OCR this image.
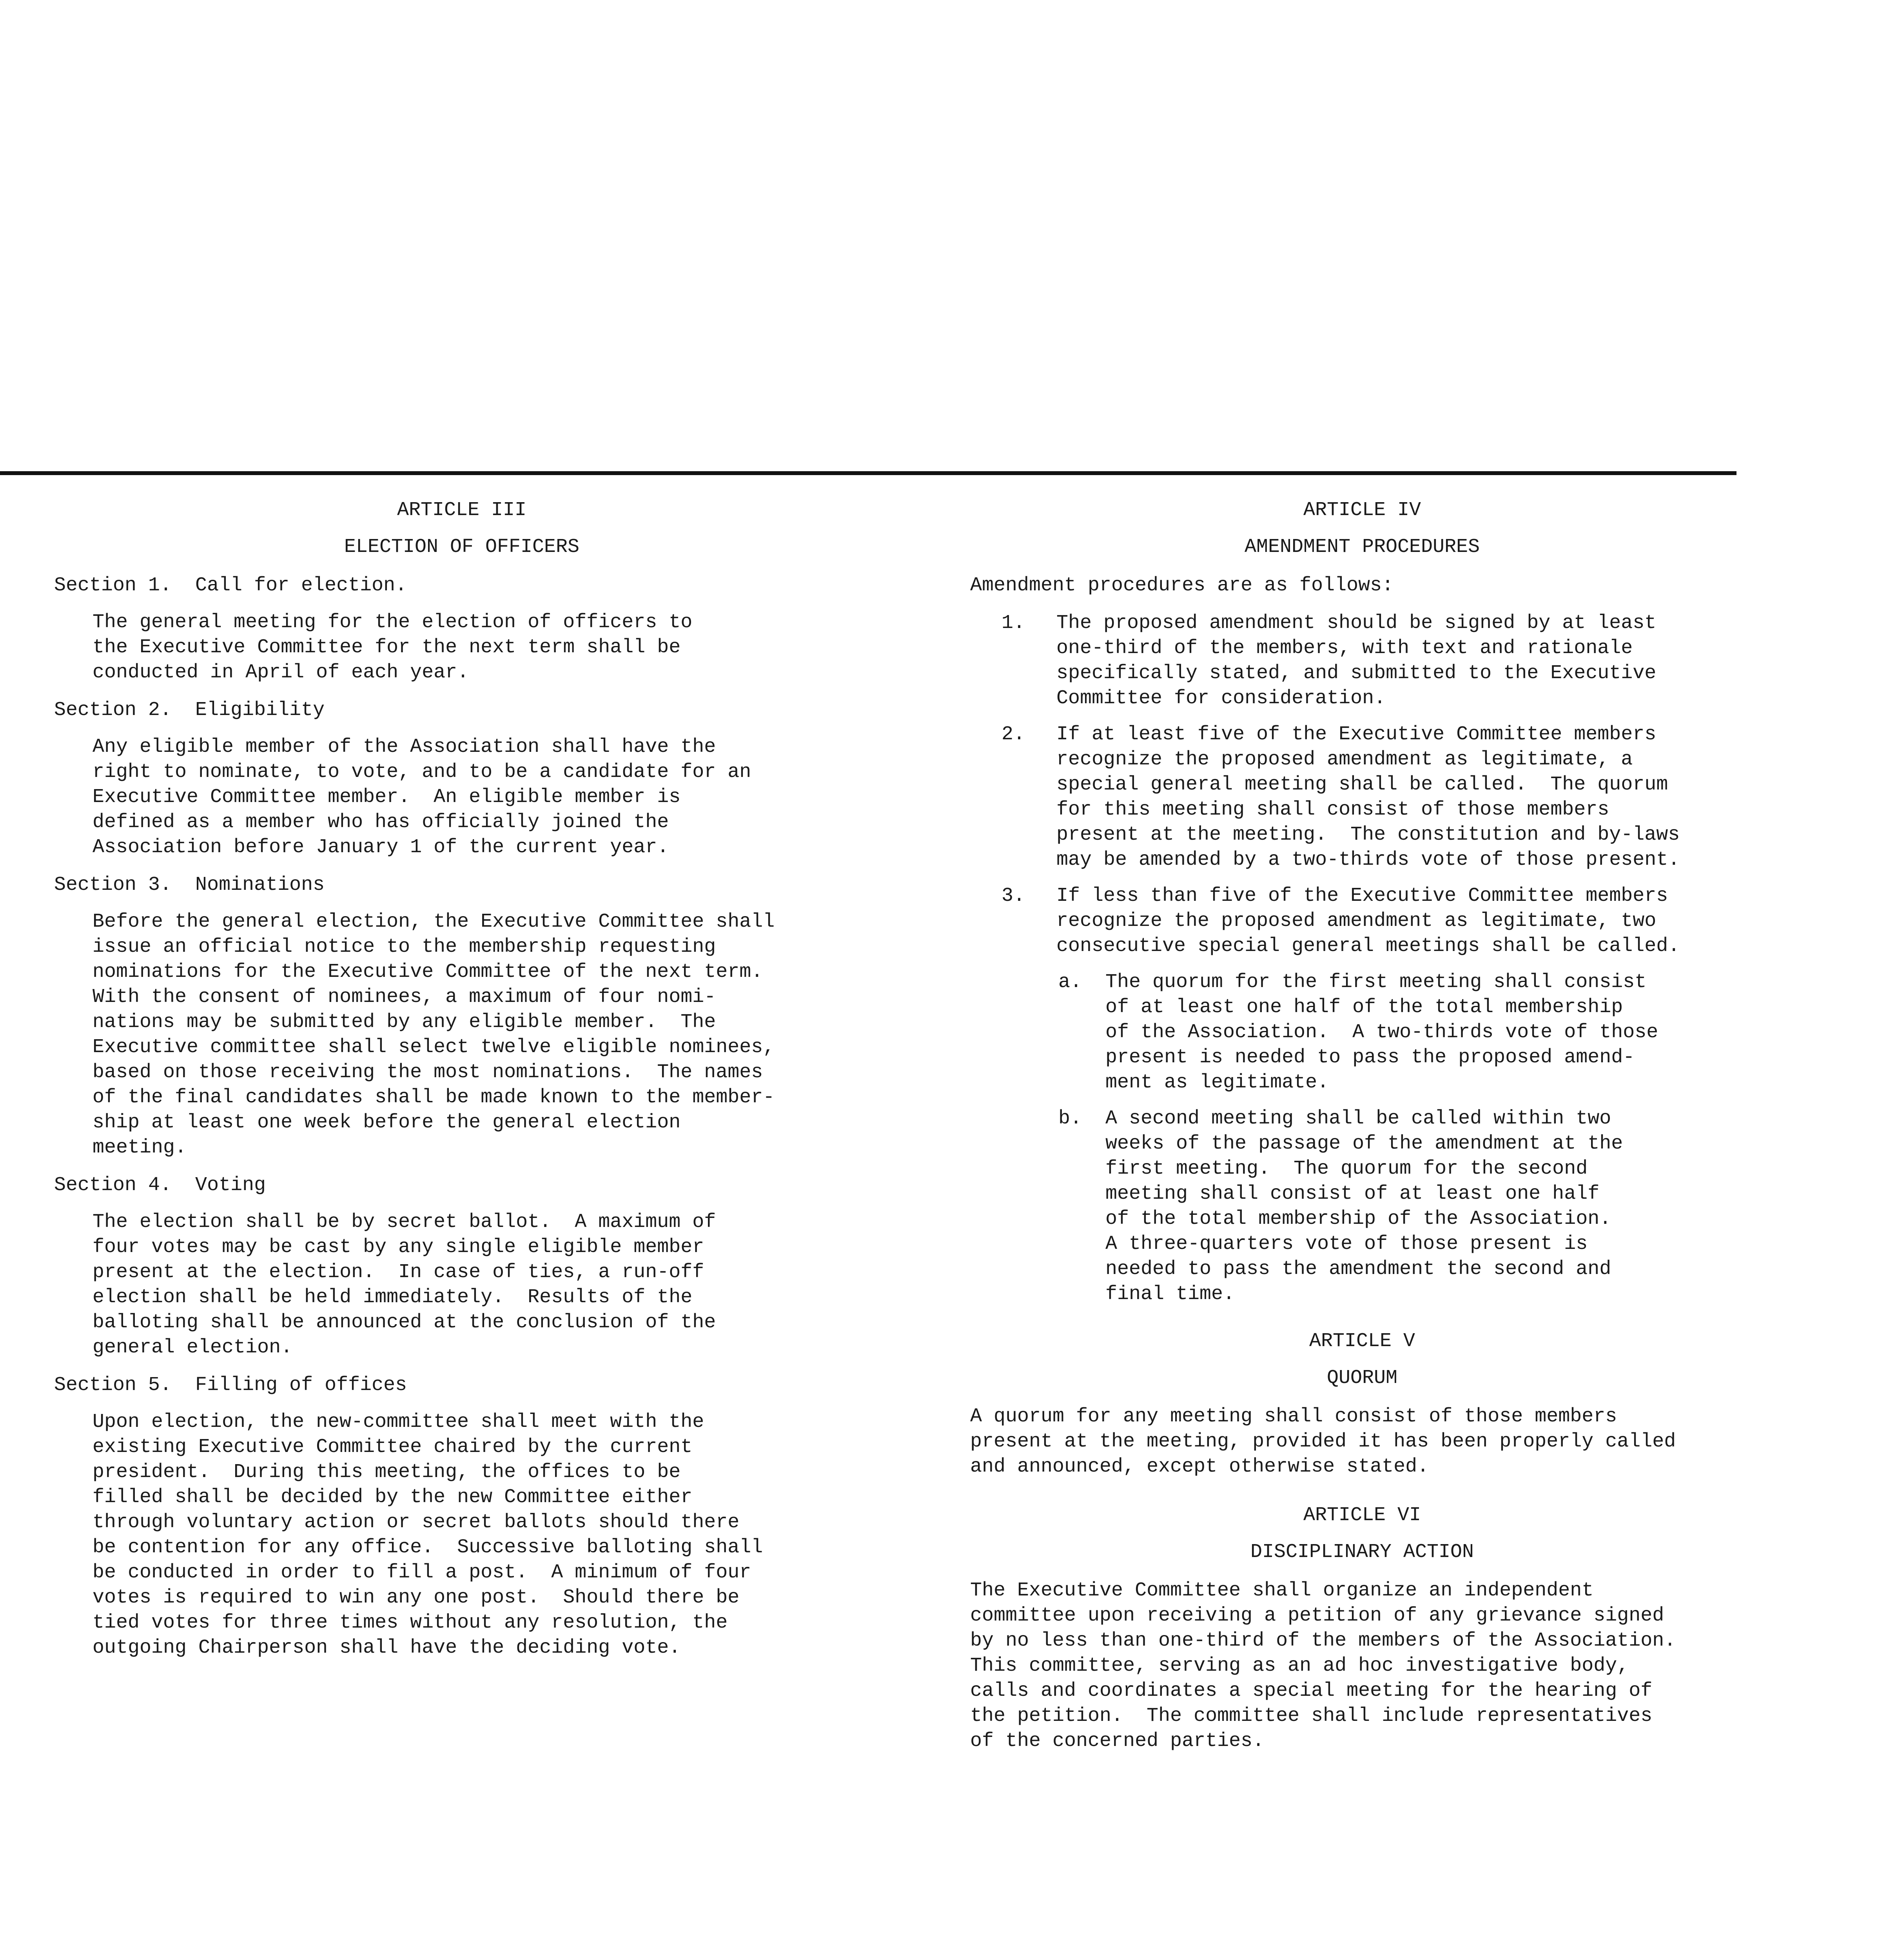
ARTICLE III
ELECTION OF OFFICERS
Section 1.  Call for election.
The general meeting for the election of officers to
the Executive Committee for the next term shall be
conducted in April of each year.
Section 2.  Eligibility
Any eligible member of the Association shall have the
right to nominate, to vote, and to be a candidate for an
Executive Committee member.  An eligible member is
defined as a member who has officially joined the
Association before January 1 of the current year.
Section 3.  Nominations
Before the general election, the Executive Committee shall
issue an official notice to the membership requesting
nominations for the Executive Committee of the next term.
With the consent of nominees, a maximum of four nomi-
nations may be submitted by any eligible member.  The
Executive committee shall select twelve eligible nominees,
based on those receiving the most nominations.  The names
of the final candidates shall be made known to the member-
ship at least one week before the general election
meeting.
Section 4.  Voting
The election shall be by secret ballot.  A maximum of
four votes may be cast by any single eligible member
present at the election.  In case of ties, a run-off
election shall be held immediately.  Results of the
balloting shall be announced at the conclusion of the
general election.
Section 5.  Filling of offices
Upon election, the new-committee shall meet with the
existing Executive Committee chaired by the current
president.  During this meeting, the offices to be
filled shall be decided by the new Committee either
through voluntary action or secret ballots should there
be contention for any office.  Successive balloting shall
be conducted in order to fill a post.  A minimum of four
votes is required to win any one post.  Should there be
tied votes for three times without any resolution, the
outgoing Chairperson shall have the deciding vote.
ARTICLE IV
AMENDMENT PROCEDURES
Amendment procedures are as follows:
1.	The proposed amendment should be signed by at least
one-third of the members, with text and rationale
specifically stated, and submitted to the Executive
Committee for consideration.
2.	If at least five of the Executive Committee members
recognize the proposed amendment as legitimate, a
special general meeting shall be called.  The quorum
for this meeting shall consist of those members
present at the meeting.  The constitution and by-laws
may be amended by a two-thirds vote of those present.
3.	If less than five of the Executive Committee members
recognize the proposed amendment as legitimate, two
consecutive special general meetings shall be called.
a.	The quorum for the first meeting shall consist
of at least one half of the total membership
of the Association.  A two-thirds vote of those
present is needed to pass the proposed amend-
ment as legitimate.
b.	A second meeting shall be called within two
weeks of the passage of the amendment at the
first meeting.  The quorum for the second
meeting shall consist of at least one half
of the total membership of the Association.
A three-quarters vote of those present is
needed to pass the amendment the second and
final time.
ARTICLE V
QUORUM
A quorum for any meeting shall consist of those members
present at the meeting, provided it has been properly called
and announced, except otherwise stated.
ARTICLE VI
DISCIPLINARY ACTION
The Executive Committee shall organize an independent
committee upon receiving a petition of any grievance signed
by no less than one-third of the members of the Association.
This committee, serving as an ad hoc investigative body,
calls and coordinates a special meeting for the hearing of
the petition.  The committee shall include representatives
of the concerned parties.
